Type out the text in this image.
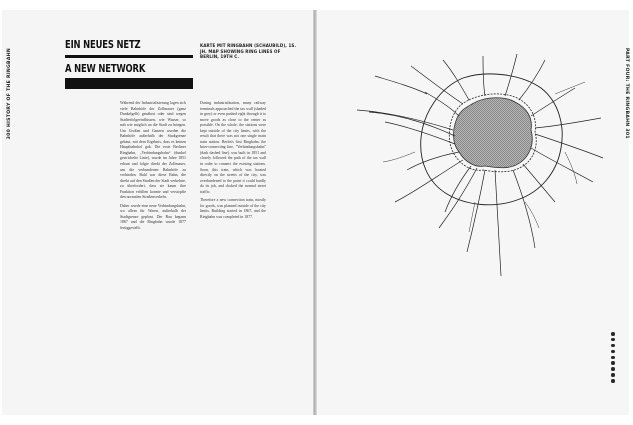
300 HISTORY OF THE RINGBAHN
EIN NEUES NETZ
A NEW NETWORK
KARTE MIT RINGBAHN (SCHAUBILD), 1S. JH. MAP SHOWING RING LINES OF BERLIN, 19TH C.

Während der Industrialisierung lagen sich viele Bahnhöfe der Zollmauer (ganz Dunkelgelb) genähert oder sind wegen Stadterfolgeeinflüssen, wie Wasser, so nah wie möglich an die Stadt zu bringen. Um Großen und Ganzen wurden die Bahnhöfe außerhalb der Stadtgrenze gebaut, mit dem Ergebnis, dass es keinen Hauptbahnhof gab. Die erste Berliner Ringbahn, „Verbindungsbahn“ (dunkel gestrichelte Linie), wurde im Jahre 1851 erbaut und folgte direkt der Zollmauer, um die verbundenen Bahnhöfe zu verbinden. Bald war diese Bahn, die direkt auf den Straßen der Stadt verkehrte, zu überfordert, dass sie kaum ihre Funktion erfüllen konnte und verstopfte den normalen Straßenverkehr.

Daher wurde eine neue Verbindungsbahn, wo allem für Waren, außerhalb der Stadtgrenze geplant. Der Bau begann 1867 und die Ringbahn wurde 1877 fertiggestellt.

During industrialisation, many railway terminals approached the tax wall (shaded in grey) or even pushed right through it to move goods as close to the center as possible. On the whole, the stations were kept outside of the city limits, with the result that there was not one single main train station. Berlin's first Ringbahn, the Inter-connecting line, "Verbindungsbahn" (dark dashed line), was built in 1851 and closely followed the path of the tax wall in order to connect the existing stations. Soon, this train, which was located directly on the streets of the city, was overburdened to the point it could hardly do its job, and choked the normal street traffic.

Therefore a new connection train, mostly for goods, was planned outside of the city limits. Building started in 1867, and the Ringbahn was completed in 1877.

PART FOUR: THE RINGBAHN 301
